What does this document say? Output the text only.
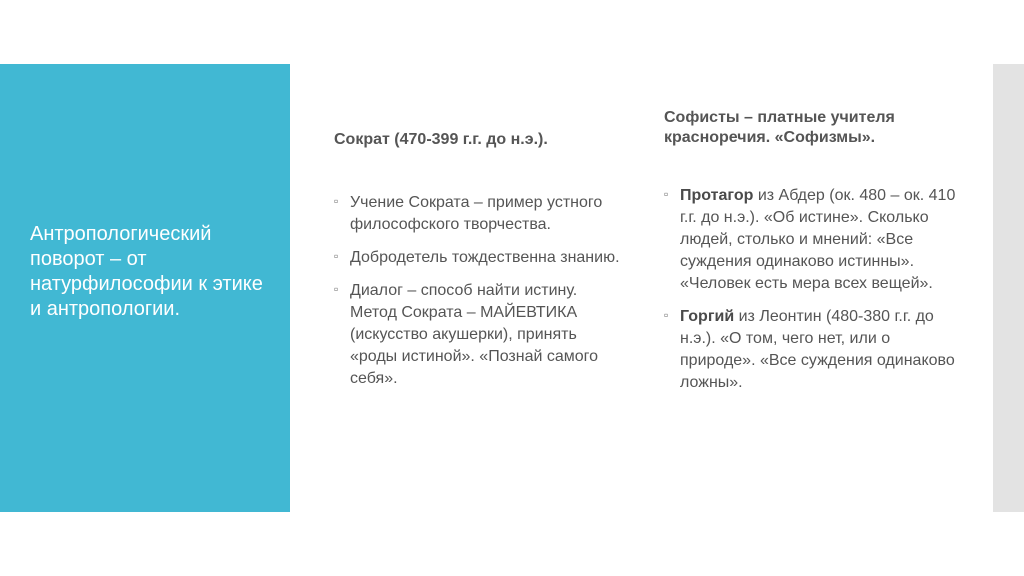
Антропологический поворот – от натурфилософии к этике и антропологии.
Сократ (470-399 г.г. до н.э.).
▫ Учение Сократа – пример устного философского творчества.
▫ Добродетель тождественна знанию.
▫ Диалог – способ найти истину. Метод Сократа – МАЙЕВТИКА (искусство акушерки), принять «роды истиной». «Познай самого себя».
Софисты – платные учителя красноречия. «Софизмы».
▫ Протагор из Абдер (ок. 480 – ок. 410 г.г. до н.э.). «Об истине». Сколько людей, столько и мнений: «Все суждения одинаково истинны». «Человек есть мера всех вещей».
▫ Горгий из Леонтин (480-380 г.г. до н.э.). «О том, чего нет, или о природе». «Все суждения одинаково ложны».
